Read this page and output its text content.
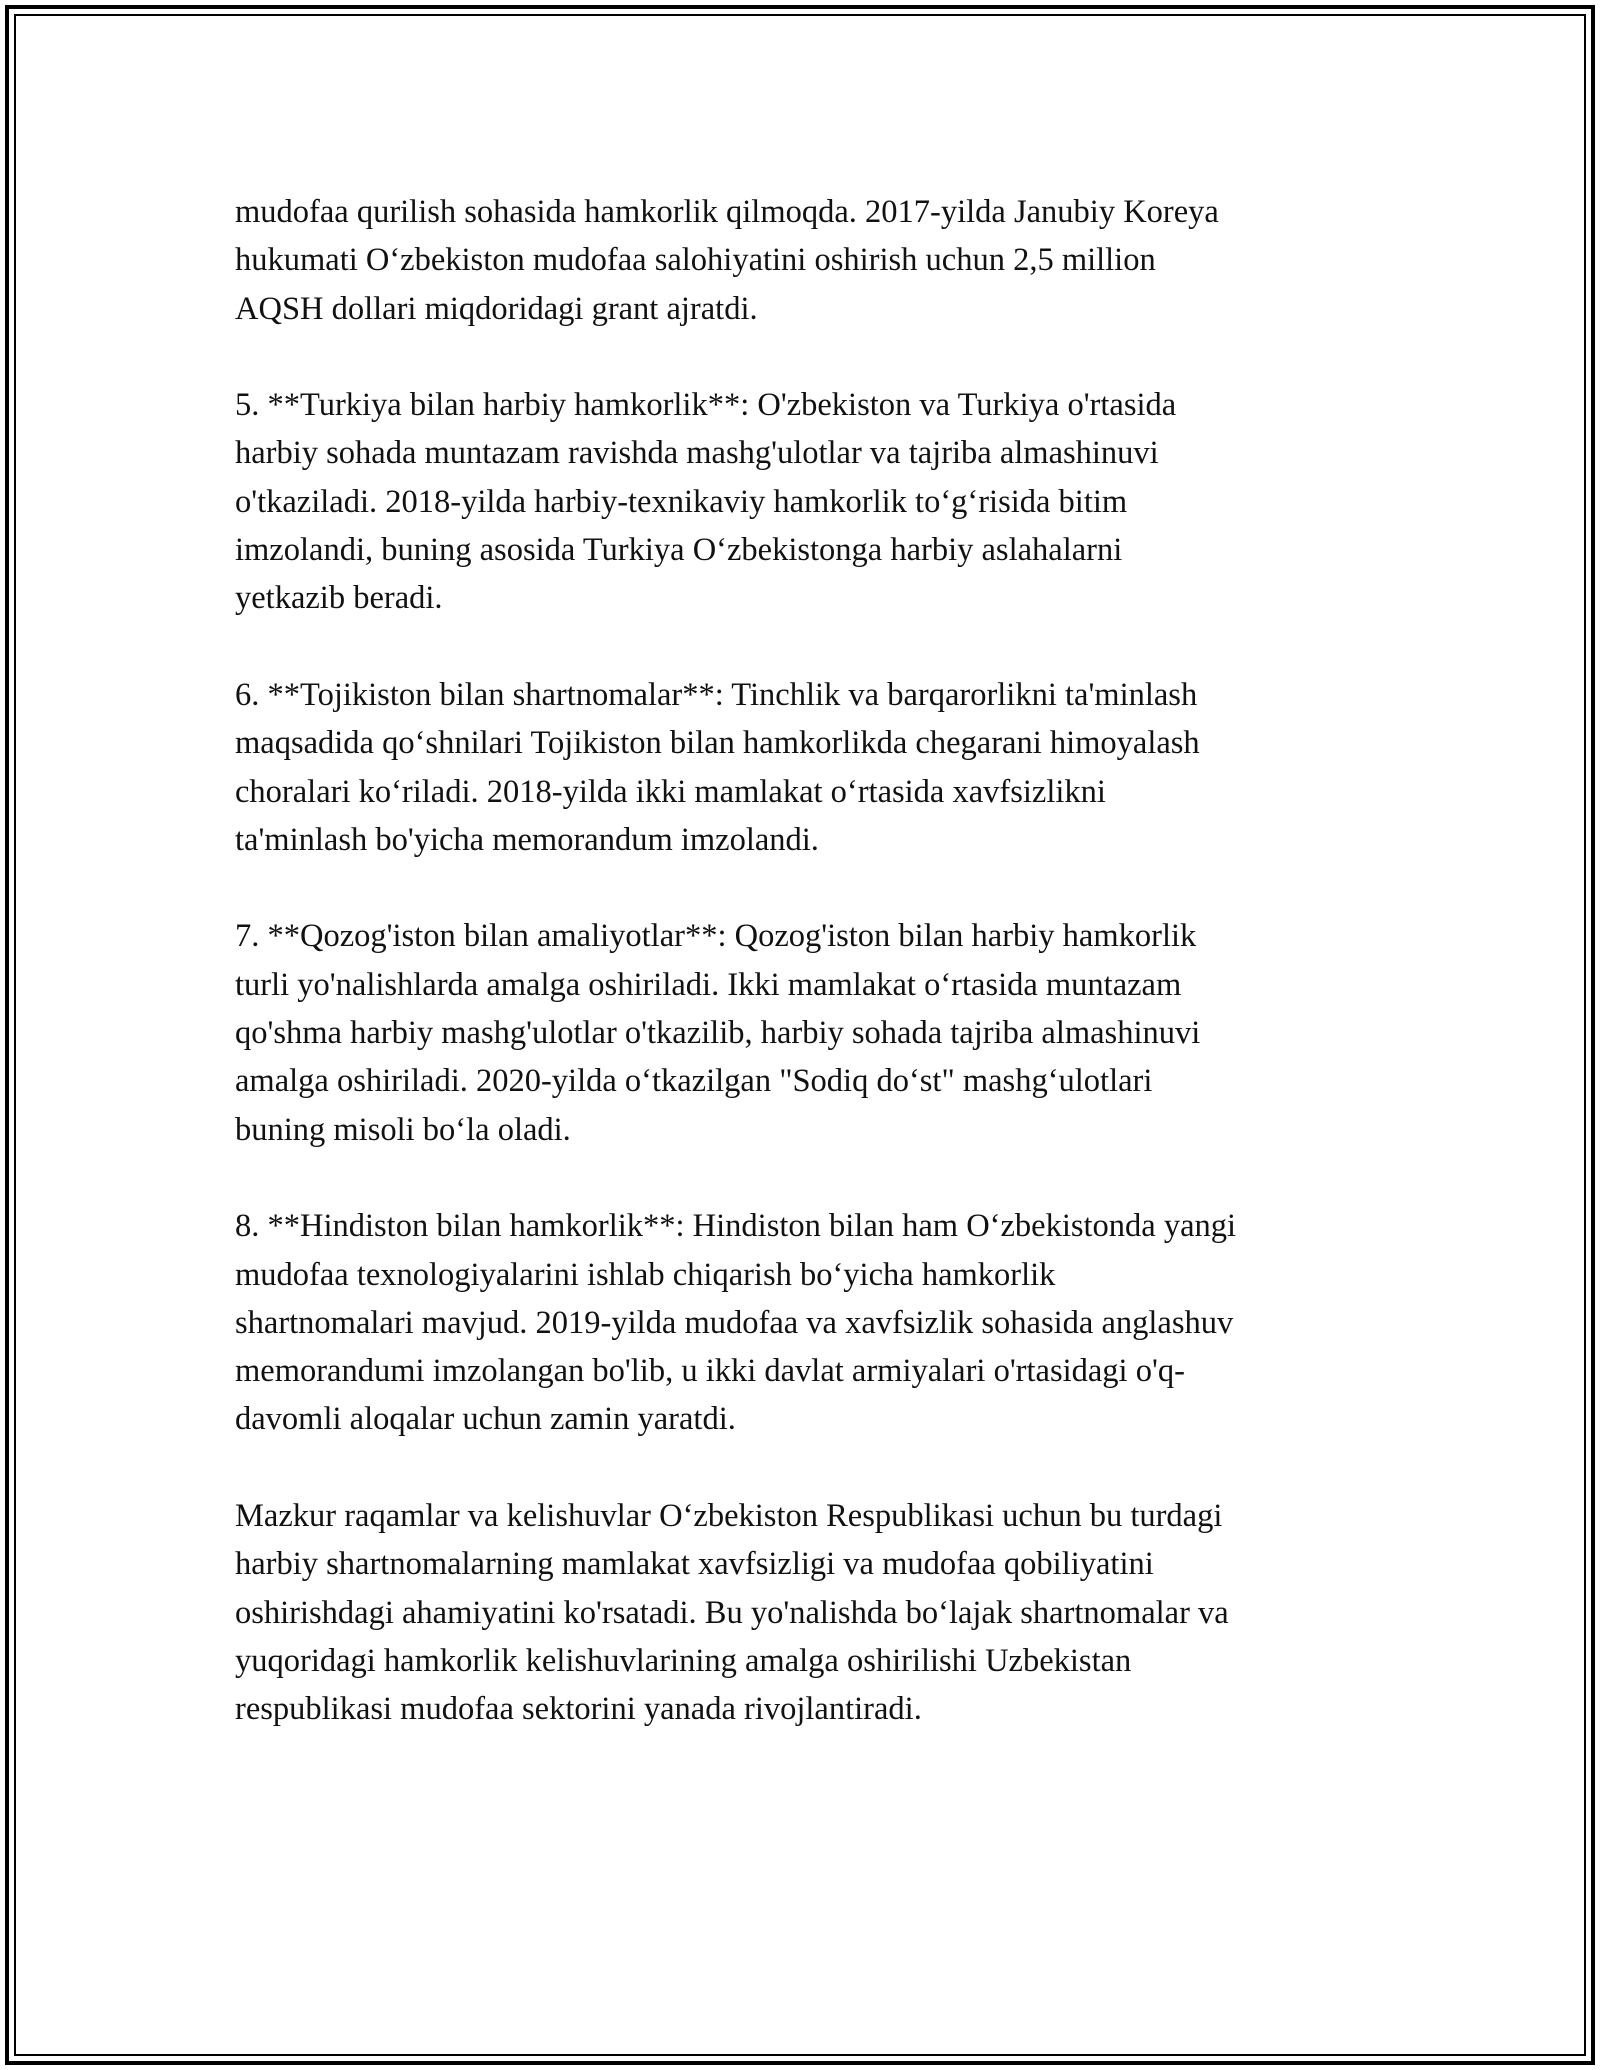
mudofaa qurilish sohasida hamkorlik qilmoqda. 2017-yilda Janubiy Koreya
hukumati O‘zbekiston mudofaa salohiyatini oshirish uchun 2,5 million
AQSH dollari miqdoridagi grant ajratdi.

5. **Turkiya bilan harbiy hamkorlik**: O'zbekiston va Turkiya o'rtasida
harbiy sohada muntazam ravishda mashg'ulotlar va tajriba almashinuvi
o'tkaziladi. 2018-yilda harbiy-texnikaviy hamkorlik to‘g‘risida bitim
imzolandi, buning asosida Turkiya O‘zbekistonga harbiy aslahalarni
yetkazib beradi.

6. **Tojikiston bilan shartnomalar**: Tinchlik va barqarorlikni ta'minlash
maqsadida qo‘shnilari Tojikiston bilan hamkorlikda chegarani himoyalash
choralari ko‘riladi. 2018-yilda ikki mamlakat o‘rtasida xavfsizlikni
ta'minlash bo'yicha memorandum imzolandi.

7. **Qozog'iston bilan amaliyotlar**: Qozog'iston bilan harbiy hamkorlik
turli yo'nalishlarda amalga oshiriladi. Ikki mamlakat o‘rtasida muntazam
qo'shma harbiy mashg'ulotlar o'tkazilib, harbiy sohada tajriba almashinuvi
amalga oshiriladi. 2020-yilda o‘tkazilgan "Sodiq do‘st" mashg‘ulotlari
buning misoli bo‘la oladi.

8. **Hindiston bilan hamkorlik**: Hindiston bilan ham O‘zbekistonda yangi
mudofaa texnologiyalarini ishlab chiqarish bo‘yicha hamkorlik
shartnomalari mavjud. 2019-yilda mudofaa va xavfsizlik sohasida anglashuv
memorandumi imzolangan bo'lib, u ikki davlat armiyalari o'rtasidagi o'q-
davomli aloqalar uchun zamin yaratdi.

Mazkur raqamlar va kelishuvlar O‘zbekiston Respublikasi uchun bu turdagi
harbiy shartnomalarning mamlakat xavfsizligi va mudofaa qobiliyatini
oshirishdagi ahamiyatini ko'rsatadi. Bu yo'nalishda bo‘lajak shartnomalar va
yuqoridagi hamkorlik kelishuvlarining amalga oshirilishi Uzbekistan
respublikasi mudofaa sektorini yanada rivojlantiradi.
